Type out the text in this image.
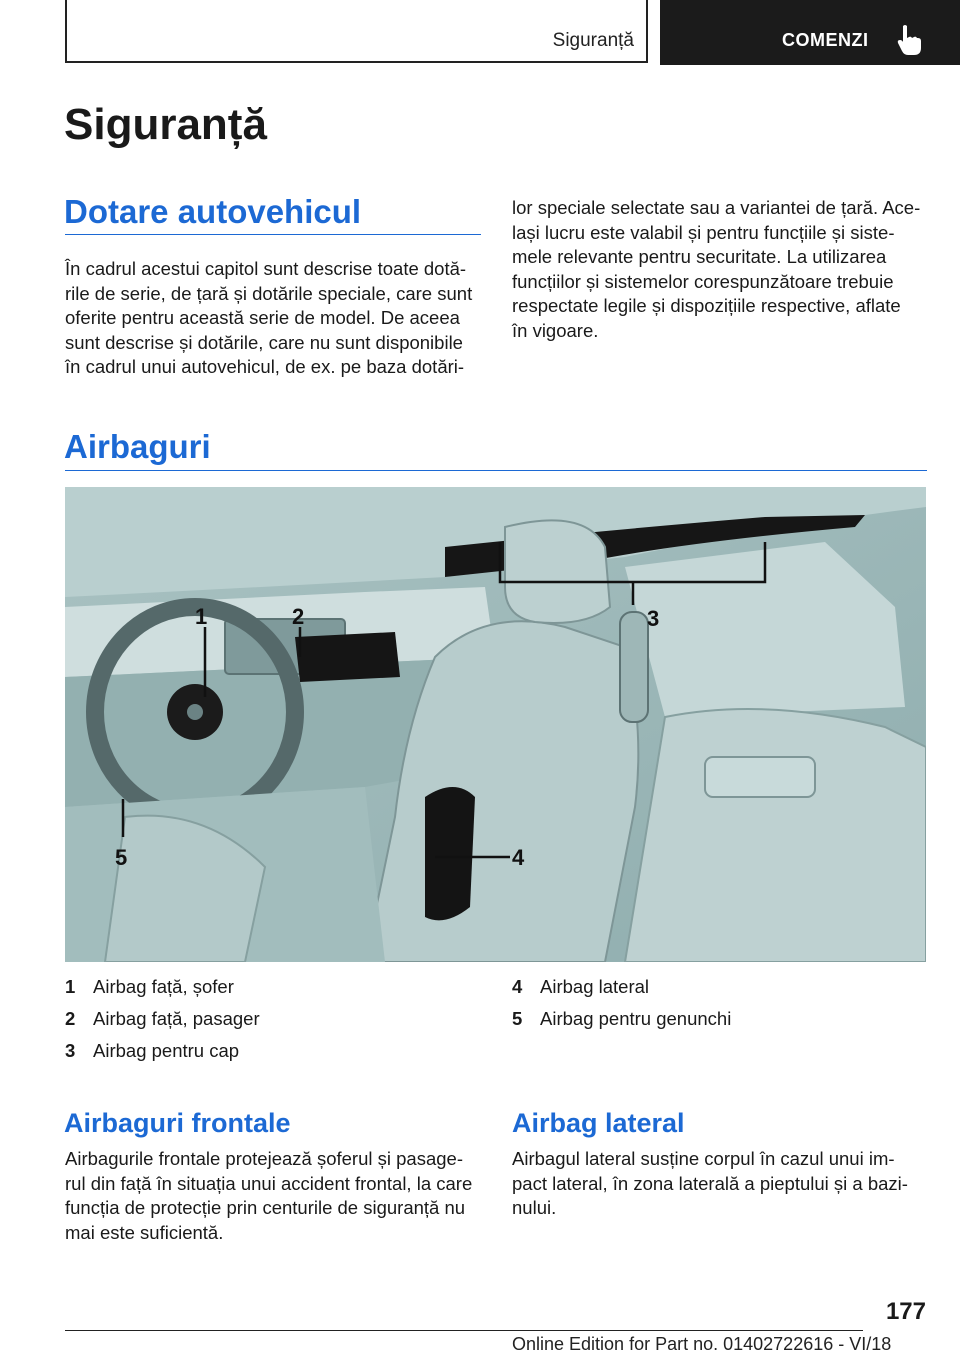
Siguranță	COMENZI
Siguranță
Dotare autovehicul
În cadrul acestui capitol sunt descrise toate dotă-
rile de serie, de țară și dotările speciale, care sunt
oferite pentru această serie de model. De aceea
sunt descrise și dotările, care nu sunt disponibile
în cadrul unui autovehicul, de ex. pe baza dotări-
lor speciale selectate sau a variantei de țară. Ace-
lași lucru este valabil și pentru funcțiile și siste-
mele relevante pentru securitate. La utilizarea
funcțiilor și sistemelor corespunzătoare trebuie
respectate legile și dispozițiile respective, aflate
în vigoare.
Airbaguri
1	2	3
4
5
1 Airbag față, șofer
2 Airbag față, pasager
3 Airbag pentru cap
4 Airbag lateral
5 Airbag pentru genunchi
Airbaguri frontale
Airbagurile frontale protejează șoferul și pasage-
rul din față în situația unui accident frontal, la care
funcția de protecție prin centurile de siguranță nu
mai este suficientă.
Airbag lateral
Airbagul lateral susține corpul în cazul unui im-
pact lateral, în zona laterală a pieptului și a bazi-
nului.
177
Online Edition for Part no. 01402722616 - VI/18
